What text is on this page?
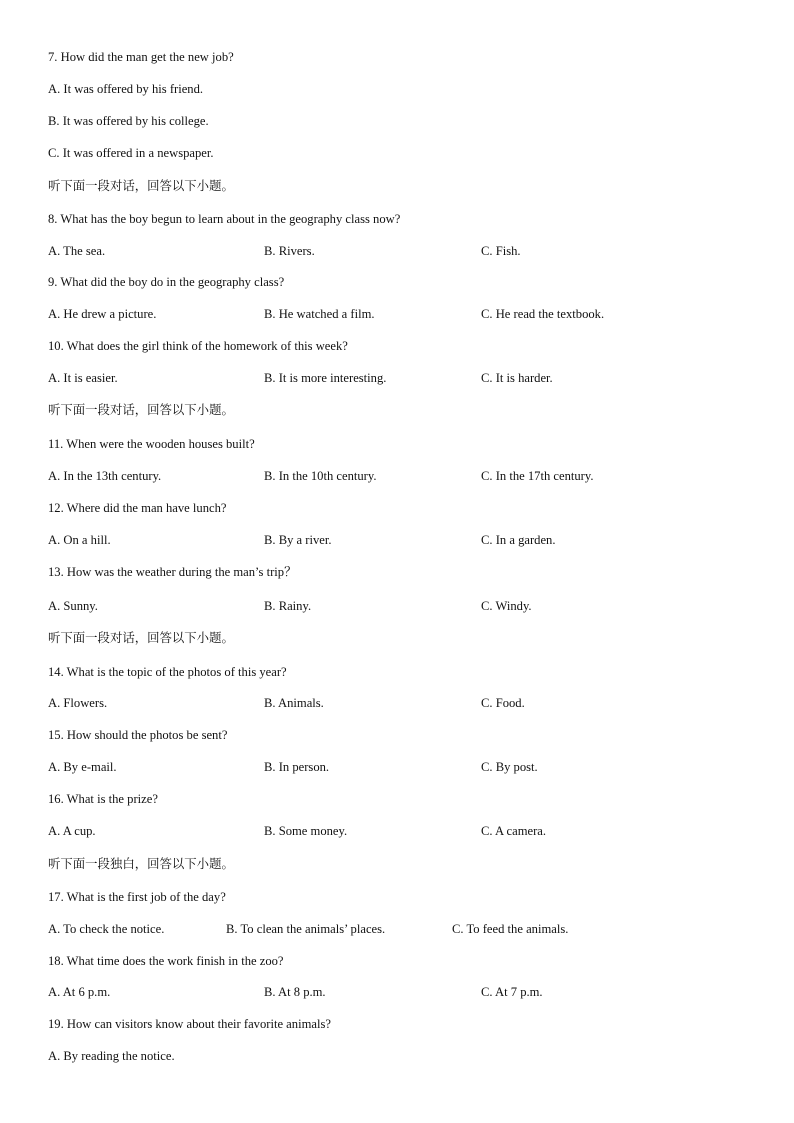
7. How did the man get the new job?
A. It was offered by his friend.
B. It was offered by his college.
C. It was offered in a newspaper.
听下面一段对话，回答以下小题。
8. What has the boy begun to learn about in the geography class now?
A. The sea.	B. Rivers.	C. Fish.
9. What did the boy do in the geography class?
A. He drew a picture.	B. He watched a film.	C. He read the textbook.
10. What does the girl think of the homework of this week?
A. It is easier.	B. It is more interesting.	C. It is harder.
听下面一段对话，回答以下小题。
11. When were the wooden houses built?
A. In the 13th century.	B. In the 10th century.	C. In the 17th century.
12. Where did the man have lunch?
A. On a hill.	B. By a river.	C. In a garden.
13. How was the weather during the man’s trip？
A. Sunny.	B. Rainy.	C. Windy.
听下面一段对话，回答以下小题。
14. What is the topic of the photos of this year?
A. Flowers.	B. Animals.	C. Food.
15. How should the photos be sent?
A. By e-mail.	B. In person.	C. By post.
16. What is the prize?
A. A cup.	B. Some money.	C. A camera.
听下面一段独白，回答以下小题。
17. What is the first job of the day?
A. To check the notice.	B. To clean the animals’ places.	C. To feed the animals.
18. What time does the work finish in the zoo?
A. At 6 p.m.	B. At 8 p.m.	C. At 7 p.m.
19. How can visitors know about their favorite animals?
A. By reading the notice.
